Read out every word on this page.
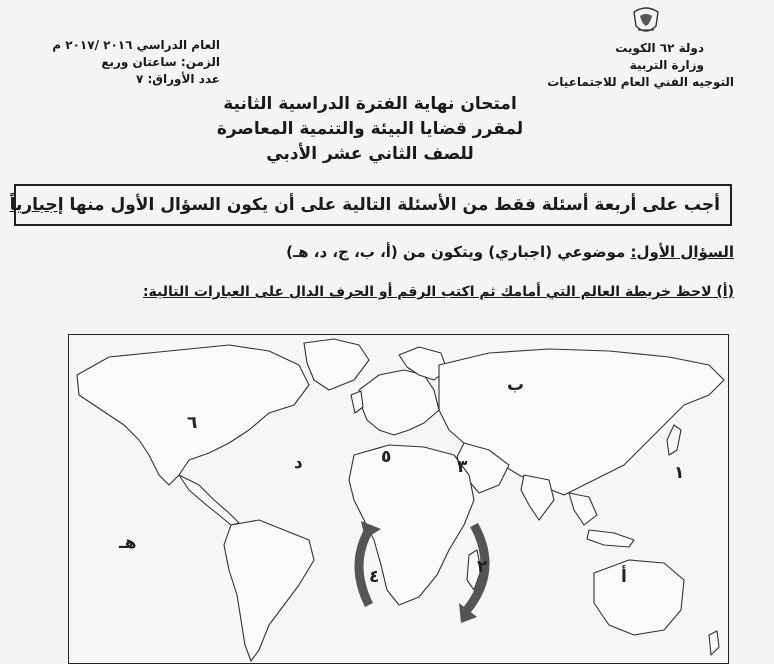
دولة ٦٢ الكويت
وزارة التربية
التوجيه الفني العام للاجتماعيات
العام الدراسي ٢٠١٦ /٢٠١٧ م
الزمن: ساعتان وربع
عدد الأوراق: ٧
امتحان نهاية الفترة الدراسية الثانية
لمقرر قضايا البيئة والتنمية المعاصرة
للصف الثاني عشر الأدبي
أجب على أربعة أسئلة فقط من الأسئلة التالية على أن يكون السؤال الأول منها إجبارياً
السؤال الأول: موضوعي (اجباري) ويتكون من (أ، ب، ج، د، هـ)
(أ) لاحظ خريطة العالم التي أمامك ثم اكتب الرقم أو الحرف الدال على العبارات التالية:
١
٢
٣
٤
٥
٦
ب
د
هـ
أ
